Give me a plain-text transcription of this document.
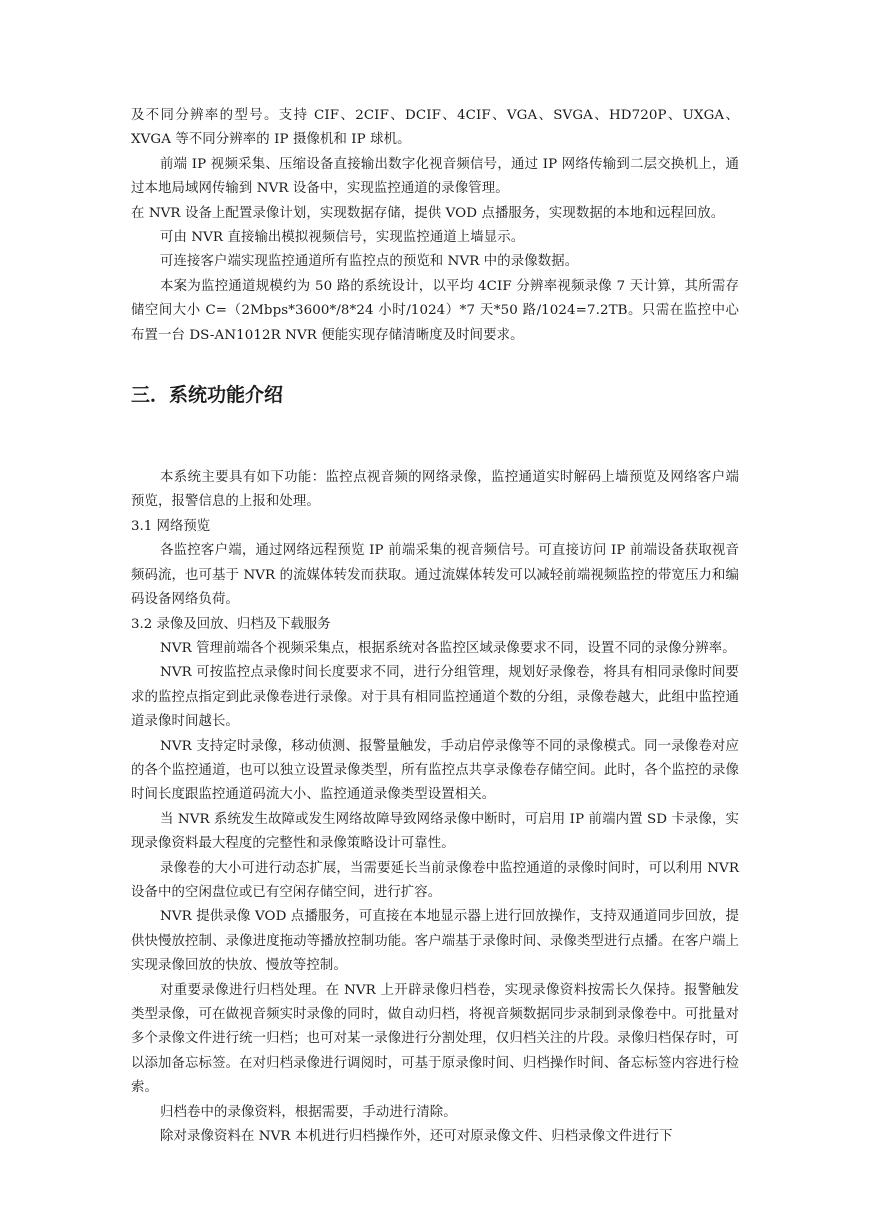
及不同分辨率的型号。支持 CIF、2CIF、DCIF、4CIF、VGA、SVGA、HD720P、UXGA、XVGA 等不同分辨率的 IP 摄像机和 IP 球机。

前端 IP 视频采集、压缩设备直接输出数字化视音频信号，通过 IP 网络传输到二层交换机上，通过本地局域网传输到 NVR 设备中，实现监控通道的录像管理。

在 NVR 设备上配置录像计划，实现数据存储，提供 VOD 点播服务，实现数据的本地和远程回放。

可由 NVR 直接输出模拟视频信号，实现监控通道上墙显示。

可连接客户端实现监控通道所有监控点的预览和 NVR 中的录像数据。

本案为监控通道规模约为 50 路的系统设计，以平均 4CIF 分辨率视频录像 7 天计算，其所需存储空间大小 C=（2Mbps*3600*/8*24 小时/1024）*7 天*50 路/1024=7.2TB。只需在监控中心布置一台 DS-AN1012R NVR 便能实现存储清晰度及时间要求。

三．系统功能介绍

本系统主要具有如下功能：监控点视音频的网络录像，监控通道实时解码上墙预览及网络客户端预览，报警信息的上报和处理。

3.1 网络预览

各监控客户端，通过网络远程预览 IP 前端采集的视音频信号。可直接访问 IP 前端设备获取视音频码流，也可基于 NVR 的流媒体转发而获取。通过流媒体转发可以减轻前端视频监控的带宽压力和编码设备网络负荷。

3.2 录像及回放、归档及下载服务

NVR 管理前端各个视频采集点，根据系统对各监控区域录像要求不同，设置不同的录像分辨率。

NVR 可按监控点录像时间长度要求不同，进行分组管理，规划好录像卷，将具有相同录像时间要求的监控点指定到此录像卷进行录像。对于具有相同监控通道个数的分组，录像卷越大，此组中监控通道录像时间越长。

NVR 支持定时录像，移动侦测、报警量触发，手动启停录像等不同的录像模式。同一录像卷对应的各个监控通道，也可以独立设置录像类型，所有监控点共享录像卷存储空间。此时，各个监控的录像时间长度跟监控通道码流大小、监控通道录像类型设置相关。

当 NVR 系统发生故障或发生网络故障导致网络录像中断时，可启用 IP 前端内置 SD 卡录像，实现录像资料最大程度的完整性和录像策略设计可靠性。

录像卷的大小可进行动态扩展，当需要延长当前录像卷中监控通道的录像时间时，可以利用 NVR 设备中的空闲盘位或已有空闲存储空间，进行扩容。

NVR 提供录像 VOD 点播服务，可直接在本地显示器上进行回放操作，支持双通道同步回放，提供快慢放控制、录像进度拖动等播放控制功能。客户端基于录像时间、录像类型进行点播。在客户端上实现录像回放的快放、慢放等控制。

对重要录像进行归档处理。在 NVR 上开辟录像归档卷，实现录像资料按需长久保持。报警触发类型录像，可在做视音频实时录像的同时，做自动归档，将视音频数据同步录制到录像卷中。可批量对多个录像文件进行统一归档；也可对某一录像进行分割处理，仅归档关注的片段。录像归档保存时，可以添加备忘标签。在对归档录像进行调阅时，可基于原录像时间、归档操作时间、备忘标签内容进行检索。

归档卷中的录像资料，根据需要，手动进行清除。

除对录像资料在 NVR 本机进行归档操作外，还可对原录像文件、归档录像文件进行下
